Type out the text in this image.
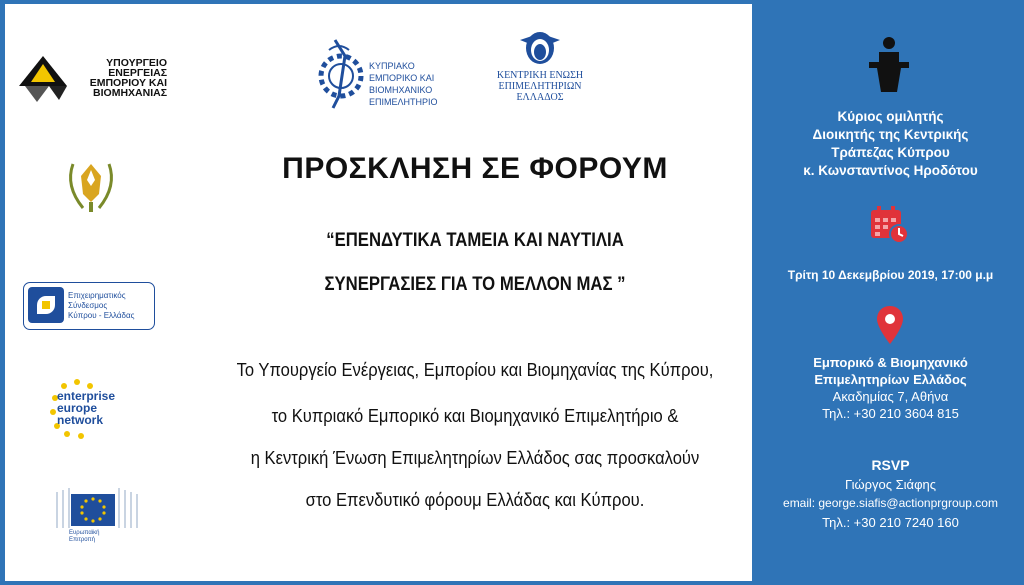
ΥΠΟΥΡΓΕΙΟ
ΕΝΕΡΓΕΙΑΣ
ΕΜΠΟΡΙΟΥ ΚΑΙ
ΒΙΟΜΗΧΑΝΙΑΣ
Επιχειρηματικός
Σύνδεσμος
Κύπρου - Ελλάδας
enterprise
europe
network
Ευρωπαϊκή
Επιτροπή
ΚΥΠΡΙΑΚΟ
ΕΜΠΟΡΙΚΟ ΚΑΙ
ΒΙΟΜΗΧΑΝΙΚΟ
ΕΠΙΜΕΛΗΤΗΡΙΟ
ΚΕΝΤΡΙΚΗ ΕΝΩΣΗ
ΕΠΙΜΕΛΗΤΗΡΙΩΝ
ΕΛΛΑΔΟΣ
ΠΡΟΣΚΛΗΣΗ ΣΕ ΦΟΡΟΥΜ
“ΕΠΕΝΔΥΤΙΚΑ ΤΑΜΕΙΑ ΚΑΙ ΝΑΥΤΙΛΙΑ
ΣΥΝΕΡΓΑΣΙΕΣ ΓΙΑ ΤΟ ΜΕΛΛΟΝ ΜΑΣ ”
Το Υπουργείο Ενέργειας, Εμπορίου και Βιομηχανίας της Κύπρου,
το Κυπριακό Εμπορικό και Βιομηχανικό Επιμελητήριο &
η Κεντρική Ένωση Επιμελητηρίων Ελλάδος σας προσκαλούν
στο Επενδυτικό φόρουμ Ελλάδας και Κύπρου.
Κύριος ομιλητής
Διοικητής της Κεντρικής
Τράπεζας Κύπρου
κ. Κωνσταντίνος Ηροδότου
Τρίτη 10 Δεκεμβρίου 2019, 17:00 μ.μ
Εμπορικό & Βιομηχανικό
Επιμελητηρίων Ελλάδος
Ακαδημίας 7, Αθήνα
Τηλ.: +30 210 3604 815
RSVP
Γιώργος Σιάφης
email: george.siafis@actionprgroup.com
Τηλ.: +30 210 7240 160
